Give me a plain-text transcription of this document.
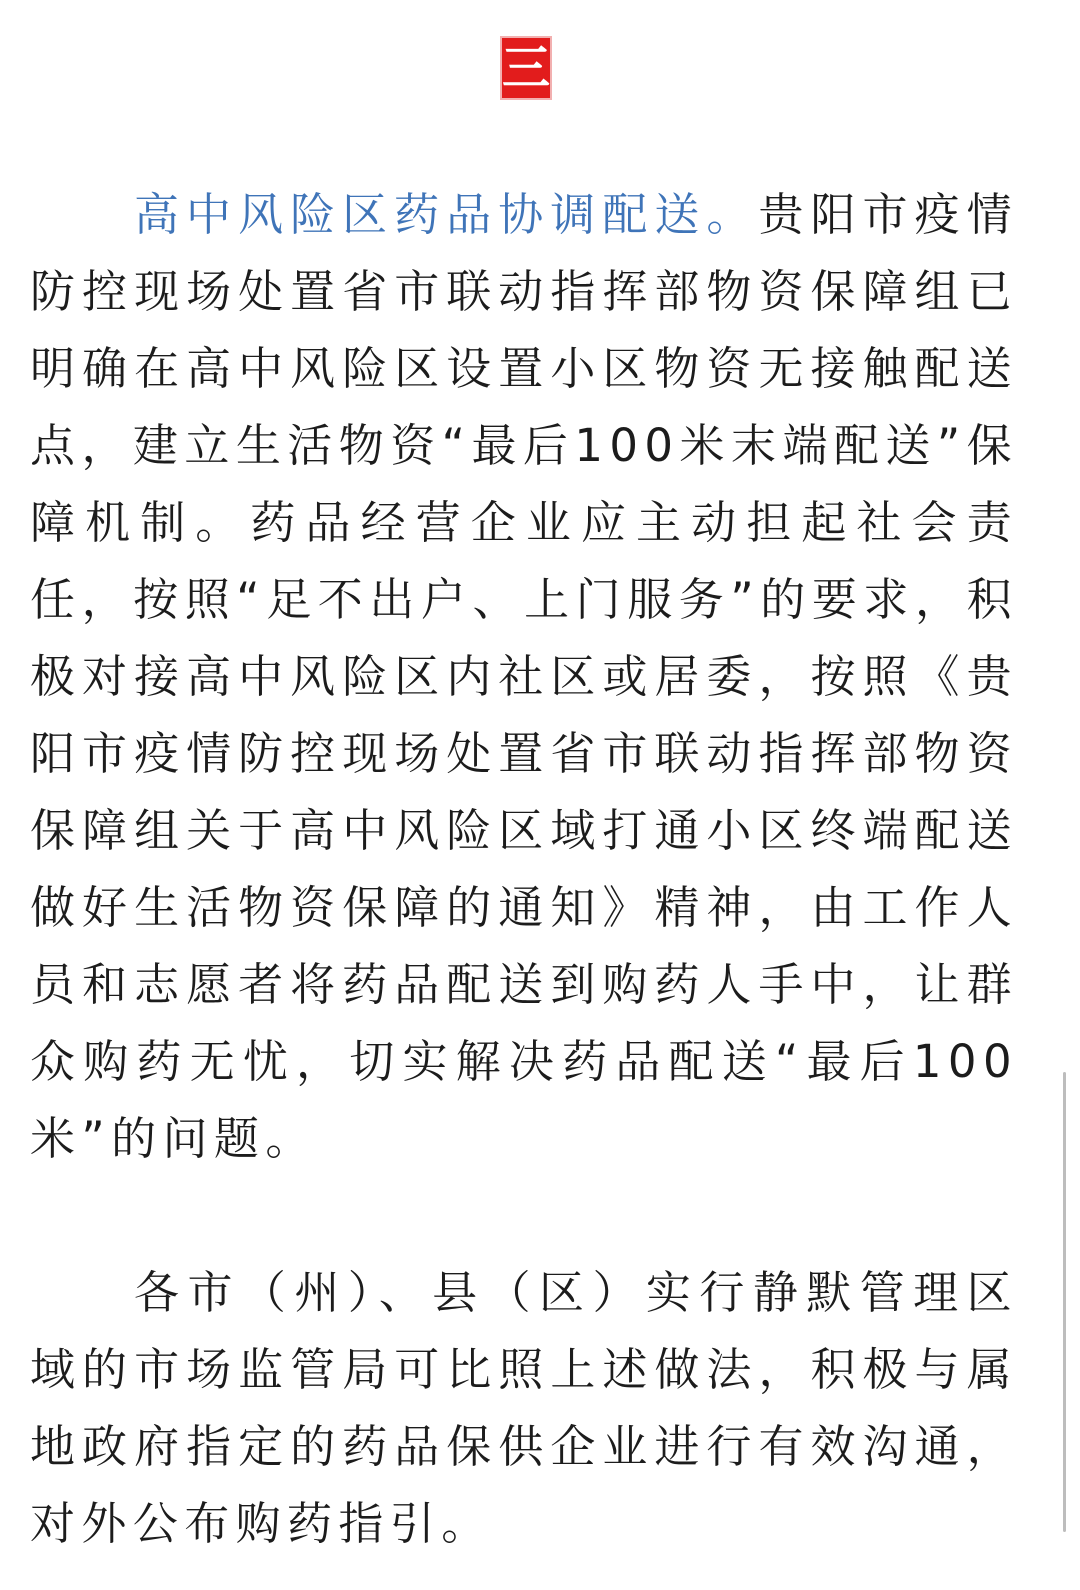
三

高中风险区药品协调配送。贵阳市疫情防控现场处置省市联动指挥部物资保障组已明确在高中风险区设置小区物资无接触配送点，建立生活物资“最后100米末端配送”保障机制。药品经营企业应主动担起社会责任，按照“足不出户、上门服务”的要求，积极对接高中风险区内社区或居委，按照《贵阳市疫情防控现场处置省市联动指挥部物资保障组关于高中风险区域打通小区终端配送做好生活物资保障的通知》精神，由工作人员和志愿者将药品配送到购药人手中，让群众购药无忧，切实解决药品配送“最后100米”的问题。

各市（州）、县（区）实行静默管理区域的市场监管局可比照上述做法，积极与属地政府指定的药品保供企业进行有效沟通，对外公布购药指引。
